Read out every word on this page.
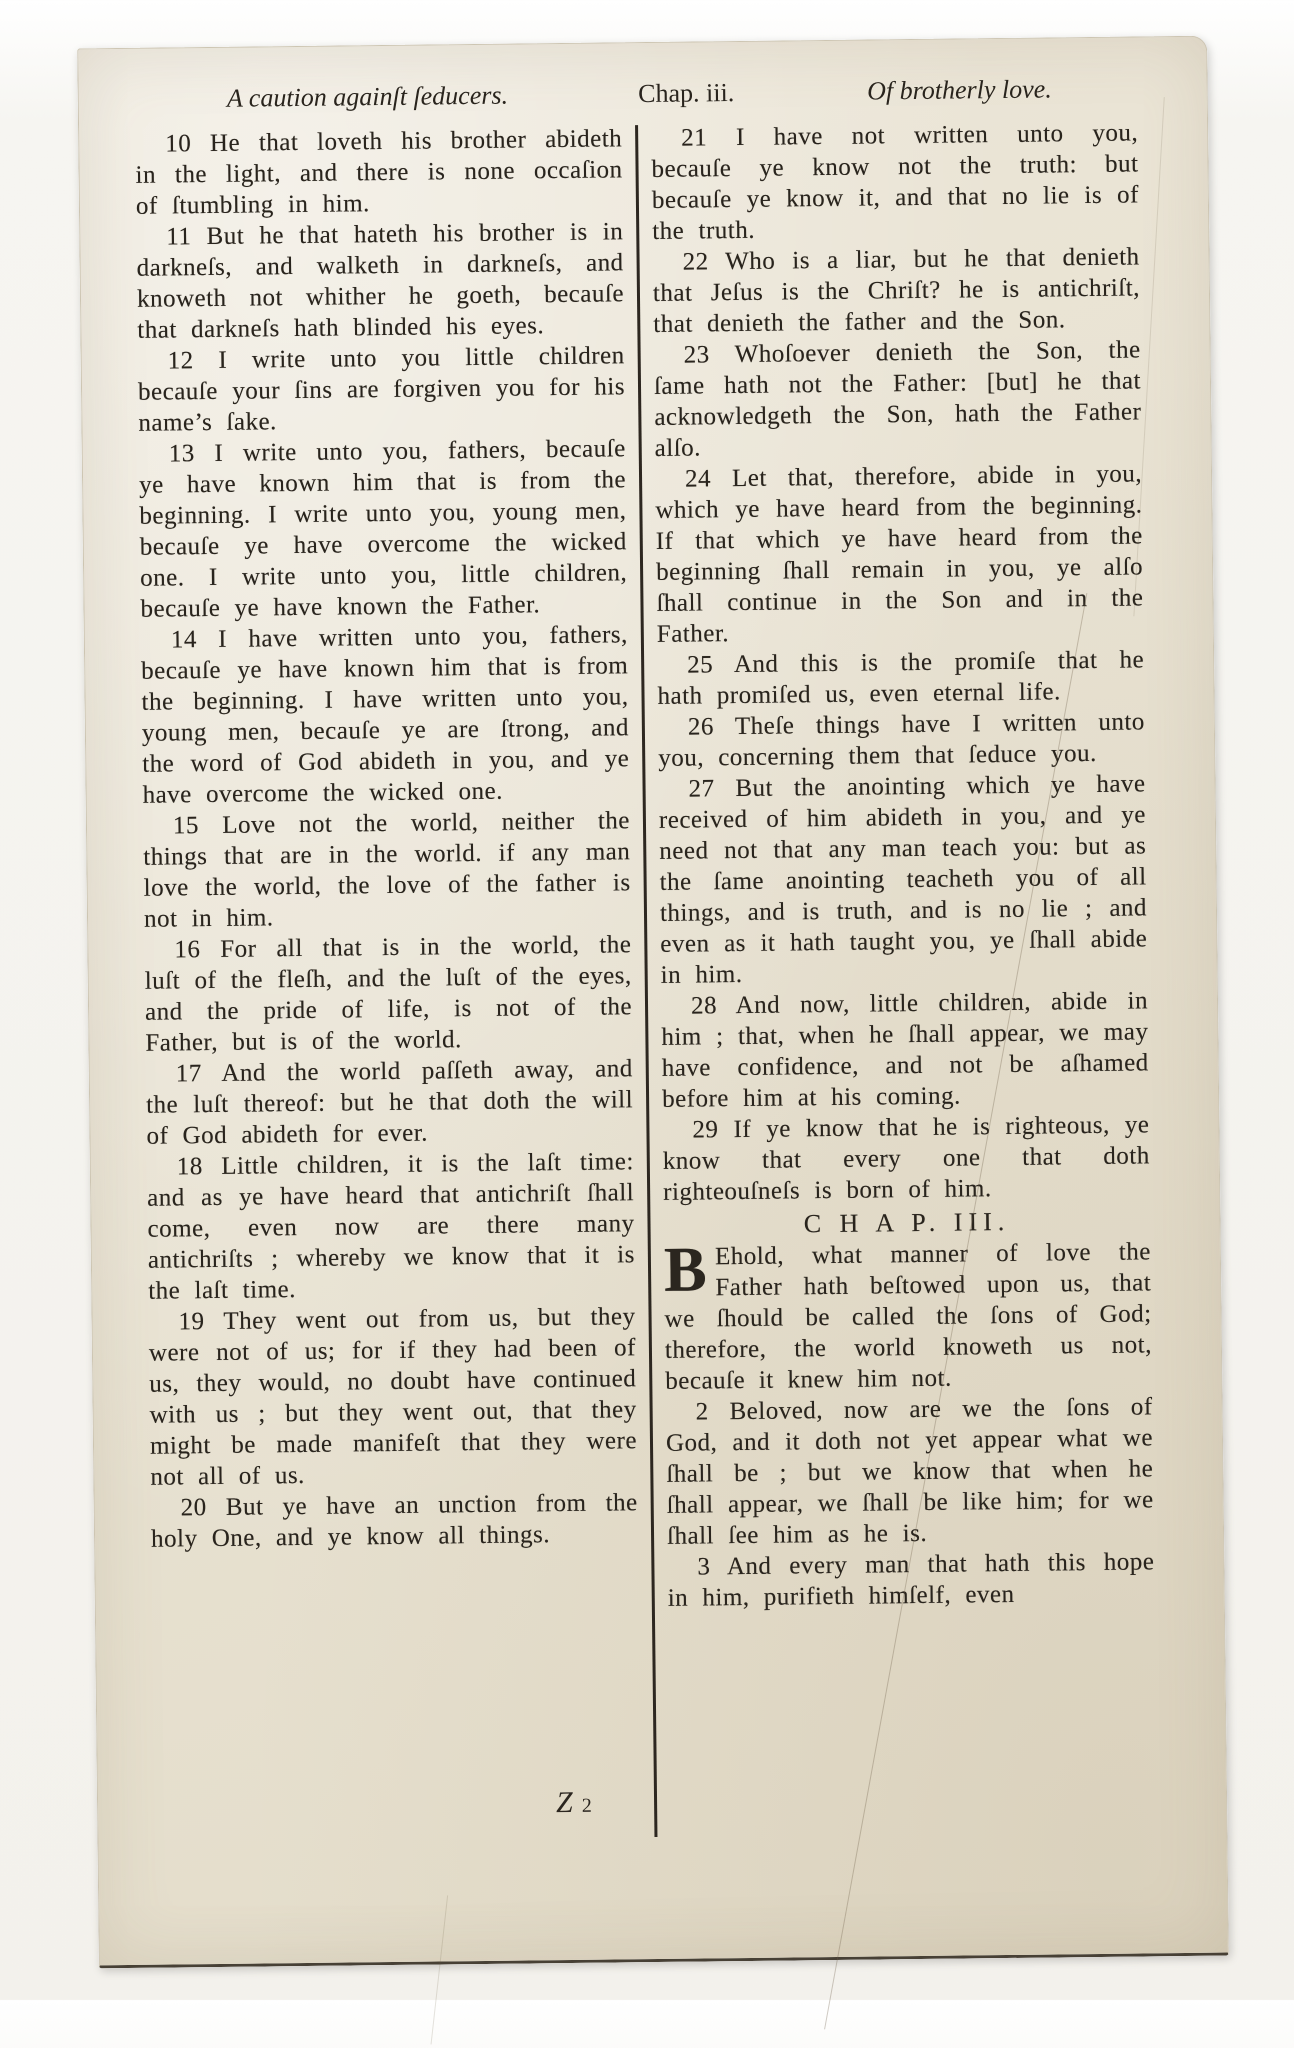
A caution againſt ſeducers.	Chap. iii.	Of brotherly love.

10 He that loveth his brother abideth in the light, and there is none occaſion of ſtumbling in him.

11 But he that hateth his brother is in darkneſs, and walketh in darkneſs, and knoweth not whither he goeth, becauſe that darkneſs hath blinded his eyes.

12 I write unto you little children becauſe your ſins are forgiven you for his name’s ſake.

13 I write unto you, fathers, becauſe ye have known him that is from the beginning. I write unto you, young men, becauſe ye have overcome the wicked one. I write unto you, little children, becauſe ye have known the Father.

14 I have written unto you, fathers, becauſe ye have known him that is from the beginning. I have written unto you, young men, becauſe ye are ſtrong, and the word of God abideth in you, and ye have overcome the wicked one.

15 Love not the world, neither the things that are in the world. if any man love the world, the love of the father is not in him.

16 For all that is in the world, the luſt of the fleſh, and the luſt of the eyes, and the pride of life, is not of the Father, but is of the world.

17 And the world paſſeth away, and the luſt thereof: but he that doth the will of God abideth for ever.

18 Little children, it is the laſt time: and as ye have heard that antichriſt ſhall come, even now are there many antichriſts ; whereby we know that it is the laſt time.

19 They went out from us, but they were not of us; for if they had been of us, they would, no doubt have continued with us ; but they went out, that they might be made manifeſt that they were not all of us.

20 But ye have an unction from the holy One, and ye know all things.

21 I have not written unto you, becauſe ye know not the truth: but becauſe ye know it, and that no lie is of the truth.

22 Who is a liar, but he that denieth that Jeſus is the Chriſt? he is antichriſt, that denieth the father and the Son.

23 Whoſoever denieth the Son, the ſame hath not the Father: [but] he that acknowledgeth the Son, hath the Father alſo.

24 Let that, therefore, abide in you, which ye have heard from the beginning. If that which ye have heard from the beginning ſhall remain in you, ye alſo ſhall continue in the Son and in the Father.

25 And this is the promiſe that he hath promiſed us, even eternal life.

26 Theſe things have I written unto you, concerning them that ſeduce you.

27 But the anointing which ye have received of him abideth in you, and ye need not that any man teach you: but as the ſame anointing teacheth you of all things, and is truth, and is no lie ; and even as it hath taught you, ye ſhall abide in him.

28 And now, little children, abide in him ; that, when he ſhall appear, we may have confidence, and not be aſhamed before him at his coming.

29 If ye know that he is righteous, ye know that every one that doth righteouſneſs is born of him.

C H A P. III.

B Ehold, what manner of love the Father hath beſtowed upon us, that we ſhould be called the ſons of God; therefore, the world knoweth us not, becauſe it knew him not.

2 Beloved, now are we the ſons of God, and it doth not yet appear what we ſhall be ; but we know that when he ſhall appear, we ſhall be like him; for we ſhall ſee him as he is.

3 And every man that hath this hope in him, purifieth himſelf, even

Z 2
